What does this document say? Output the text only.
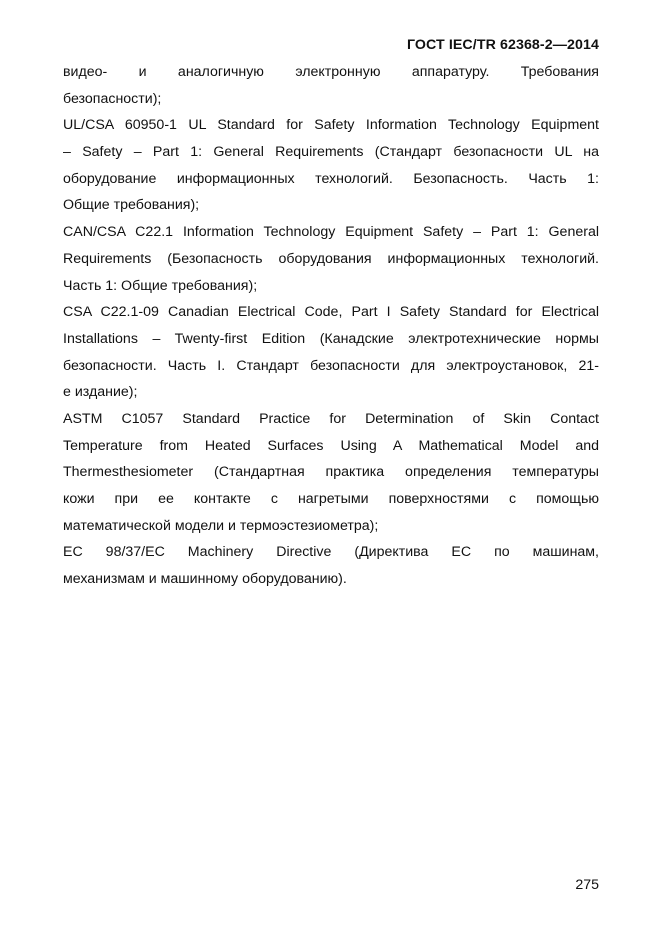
ГОСТ IEC/TR 62368-2—2014
видео- и аналогичную электронную аппаратуру. Требования
безопасности);
UL/CSA 60950-1 UL Standard for Safety Information Technology Equipment
– Safety – Part 1: General Requirements (Стандарт безопасности UL на
оборудование информационных технологий. Безопасность. Часть 1:
Общие требования);
CAN/CSA C22.1 Information Technology Equipment Safety – Part 1: General
Requirements (Безопасность оборудования информационных технологий.
Часть 1: Общие требования);
CSA C22.1-09 Canadian Electrical Code, Part I Safety Standard for Electrical
Installations – Twenty-first Edition (Канадские электротехнические нормы
безопасности. Часть I. Стандарт безопасности для электроустановок, 21-
е издание);
ASTM C1057 Standard Practice for Determination of Skin Contact
Temperature from Heated Surfaces Using A Mathematical Model and
Thermesthesiometer (Стандартная практика определения температуры
кожи при ее контакте с нагретыми поверхностями с помощью
математической модели и термоэстезиометра);
ЕС 98/37/ЕС Machinery Directive (Директива ЕС по машинам,
механизмам и машинному оборудованию).
275
